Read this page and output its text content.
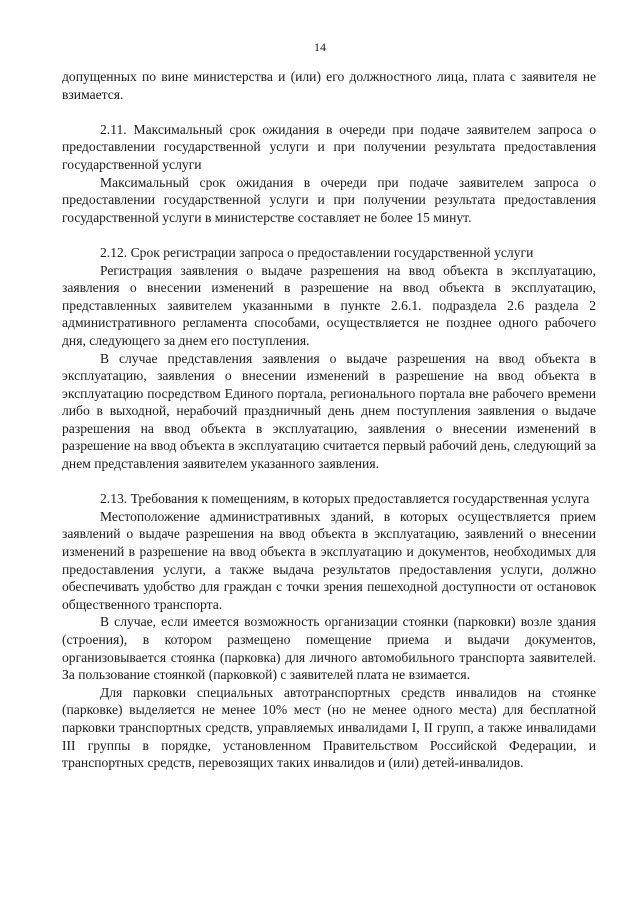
14

допущенных по вине министерства и (или) его должностного лица, плата с заявителя не взимается.

2.11. Максимальный срок ожидания в очереди при подаче заявителем запроса о предоставлении государственной услуги и при получении результата предоставления государственной услуги

Максимальный срок ожидания в очереди при подаче заявителем запроса о предоставлении государственной услуги и при получении результата предоставления государственной услуги в министерстве составляет не более 15 минут.

2.12. Срок регистрации запроса о предоставлении государственной услуги

Регистрация заявления о выдаче разрешения на ввод объекта в эксплуатацию, заявления о внесении изменений в разрешение на ввод объекта в эксплуатацию, представленных заявителем указанными в пункте 2.6.1. подраздела 2.6 раздела 2 административного регламента способами, осуществляется не позднее одного рабочего дня, следующего за днем его поступления.

В случае представления заявления о выдаче разрешения на ввод объекта в эксплуатацию, заявления о внесении изменений в разрешение на ввод объекта в эксплуатацию посредством Единого портала, регионального портала вне рабочего времени либо в выходной, нерабочий праздничный день днем поступления заявления о выдаче разрешения на ввод объекта в эксплуатацию, заявления о внесении изменений в разрешение на ввод объекта в эксплуатацию считается первый рабочий день, следующий за днем представления заявителем указанного заявления.

2.13. Требования к помещениям, в которых предоставляется государственная услуга

Местоположение административных зданий, в которых осуществляется прием заявлений о выдаче разрешения на ввод объекта в эксплуатацию, заявлений о внесении изменений в разрешение на ввод объекта в эксплуатацию и документов, необходимых для предоставления услуги, а также выдача результатов предоставления услуги, должно обеспечивать удобство для граждан с точки зрения пешеходной доступности от остановок общественного транспорта.

В случае, если имеется возможность организации стоянки (парковки) возле здания (строения), в котором размещено помещение приема и выдачи документов, организовывается стоянка (парковка) для личного автомобильного транспорта заявителей. За пользование стоянкой (парковкой) с заявителей плата не взимается.

Для парковки специальных автотранспортных средств инвалидов на стоянке (парковке) выделяется не менее 10% мест (но не менее одного места) для бесплатной парковки транспортных средств, управляемых инвалидами I, II групп, а также инвалидами III группы в порядке, установленном Правительством Российской Федерации, и транспортных средств, перевозящих таких инвалидов и (или) детей-инвалидов.
